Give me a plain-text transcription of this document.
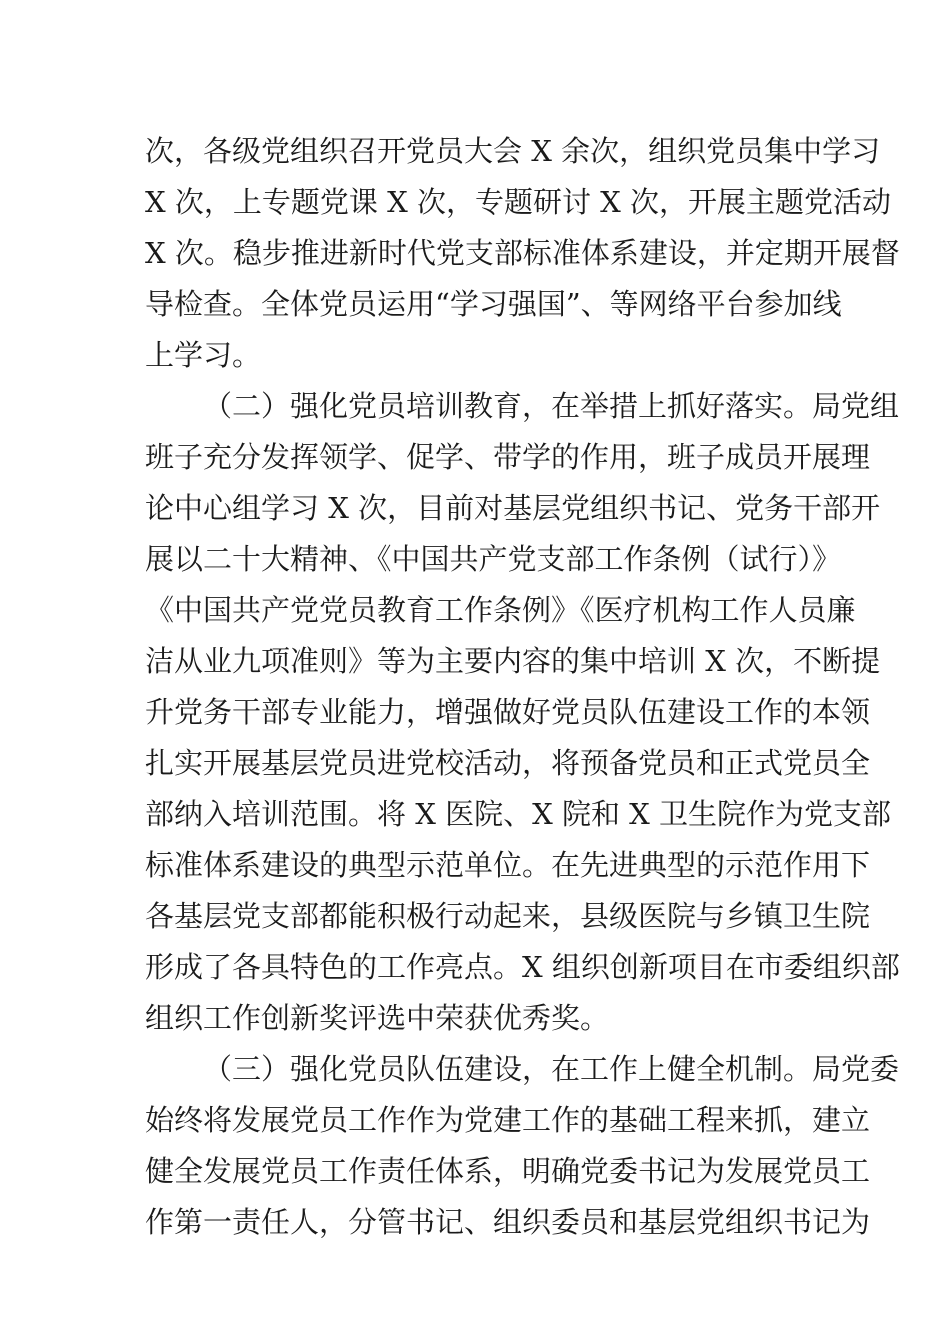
次，各级党组织召开党员大会 X 余次，组织党员集中学习
X 次，上专题党课 X 次，专题研讨 X 次，开展主题党活动
X 次。稳步推进新时代党支部标准体系建设，并定期开展督
导检查。全体党员运用“学习强国”、等网络平台参加线
上学习。
（二）强化党员培训教育，在举措上抓好落实。局党组
班子充分发挥领学、促学、带学的作用，班子成员开展理
论中心组学习 X 次，目前对基层党组织书记、党务干部开
展以二十大精神、《中国共产党支部工作条例（试行）》
《中国共产党党员教育工作条例》《医疗机构工作人员廉
洁从业九项准则》等为主要内容的集中培训 X 次，不断提
升党务干部专业能力，增强做好党员队伍建设工作的本领
扎实开展基层党员进党校活动，将预备党员和正式党员全
部纳入培训范围。将 X 医院、X 院和 X 卫生院作为党支部
标准体系建设的典型示范单位。在先进典型的示范作用下
各基层党支部都能积极行动起来，县级医院与乡镇卫生院
形成了各具特色的工作亮点。X 组织创新项目在市委组织部
组织工作创新奖评选中荣获优秀奖。
（三）强化党员队伍建设，在工作上健全机制。局党委
始终将发展党员工作作为党建工作的基础工程来抓，建立
健全发展党员工作责任体系，明确党委书记为发展党员工
作第一责任人，分管书记、组织委员和基层党组织书记为
